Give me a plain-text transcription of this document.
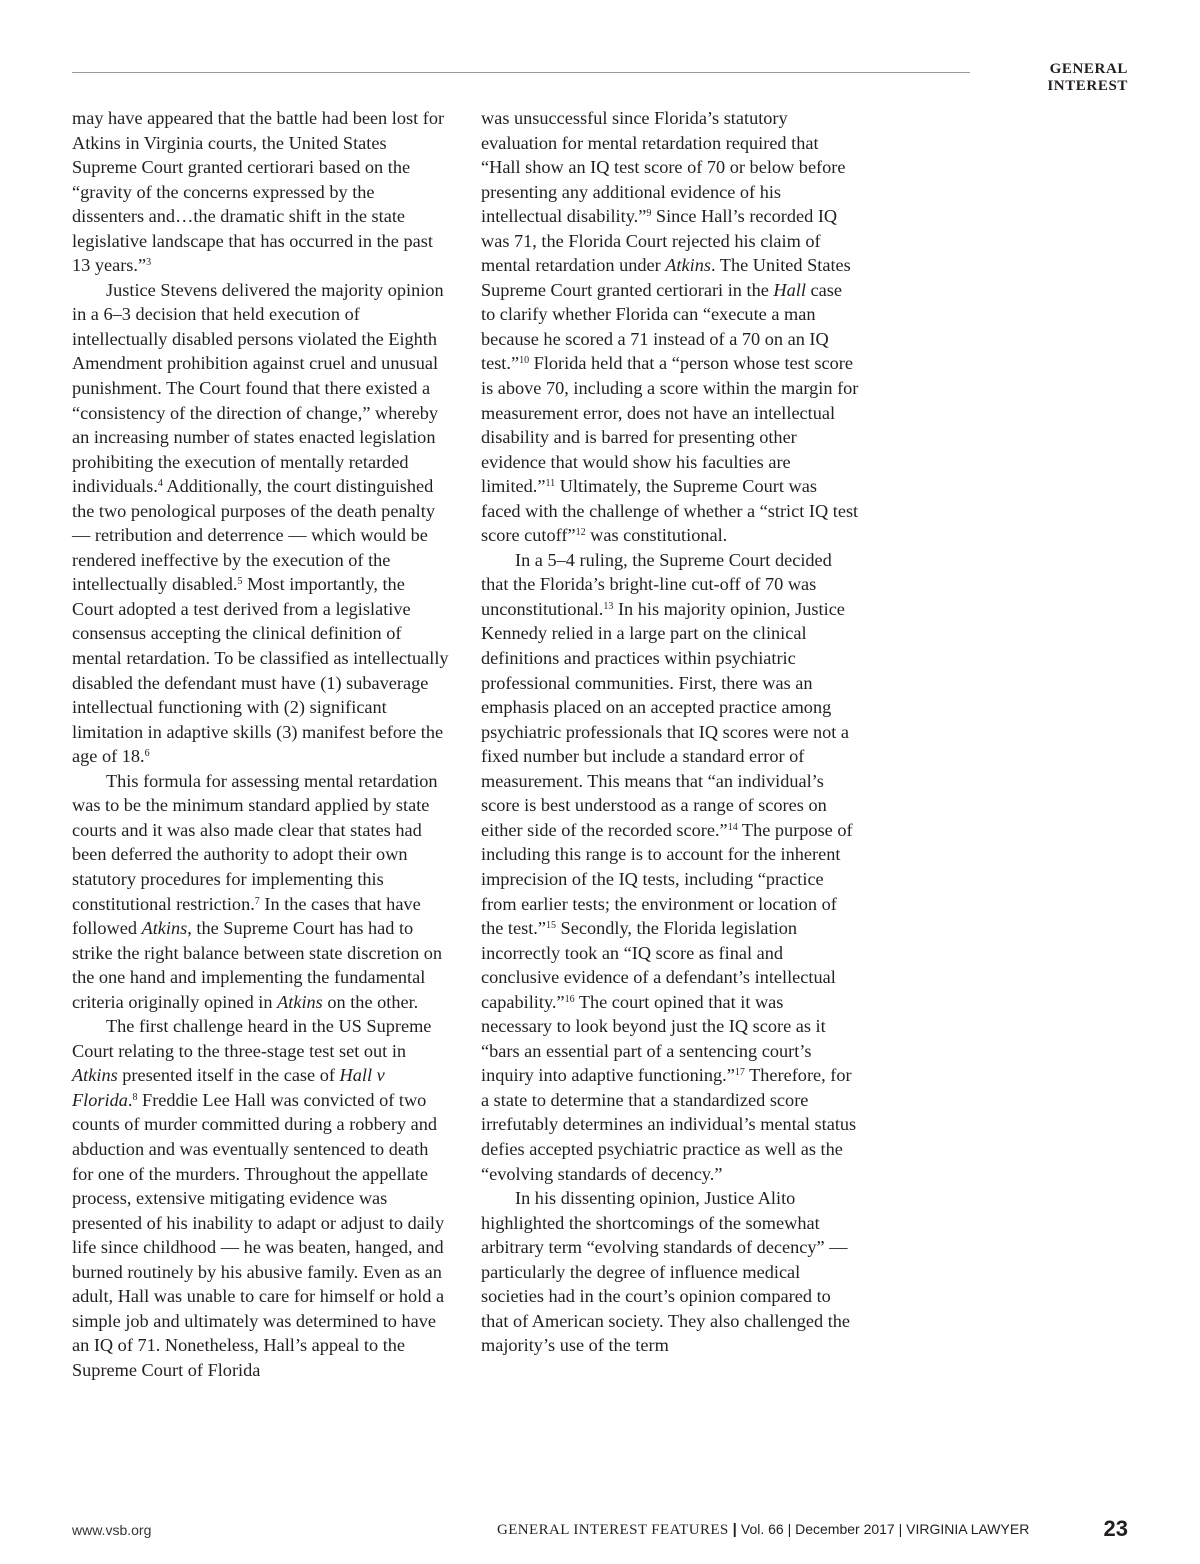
GENERAL INTEREST

may have appeared that the battle had been lost for Atkins in Virginia courts, the United States Supreme Court granted certiorari based on the “gravity of the concerns expressed by the dissenters and…the dramatic shift in the state legislative landscape that has occurred in the past 13 years.”$^3$

Justice Stevens delivered the majority opinion in a 6–3 decision that held execution of intellectually disabled persons violated the Eighth Amendment prohibition against cruel and unusual punishment. The Court found that there existed a “consistency of the direction of change,” whereby an increasing number of states enacted legislation prohibiting the execution of mentally retarded individuals.$^4$ Additionally, the court distinguished the two penological purposes of the death penalty — retribution and deterrence — which would be rendered ineffective by the execution of the intellectually disabled.$^5$ Most importantly, the Court adopted a test derived from a legislative consensus accepting the clinical definition of mental retardation. To be classified as intellectually disabled the defendant must have (1) subaverage intellectual functioning with (2) significant limitation in adaptive skills (3) manifest before the age of 18.$^6$

This formula for assessing mental retardation was to be the minimum standard applied by state courts and it was also made clear that states had been deferred the authority to adopt their own statutory procedures for implementing this constitutional restriction.$^7$ In the cases that have followed Atkins, the Supreme Court has had to strike the right balance between state discretion on the one hand and implementing the fundamental criteria originally opined in Atkins on the other.

The first challenge heard in the US Supreme Court relating to the three-stage test set out in Atkins presented itself in the case of Hall v Florida.$^8$ Freddie Lee Hall was convicted of two counts of murder committed during a robbery and abduction and was eventually sentenced to death for one of the murders. Throughout the appellate process, extensive mitigating evidence was presented of his inability to adapt or adjust to daily life since childhood — he was beaten, hanged, and burned routinely by his abusive family. Even as an adult, Hall was unable to care for himself or hold a simple job and ultimately was determined to have an IQ of 71. Nonetheless, Hall’s appeal to the Supreme Court of Florida

was unsuccessful since Florida’s statutory evaluation for mental retardation required that “Hall show an IQ test score of 70 or below before presenting any additional evidence of his intellectual disability.”$^9$ Since Hall’s recorded IQ was 71, the Florida Court rejected his claim of mental retardation under Atkins. The United States Supreme Court granted certiorari in the Hall case to clarify whether Florida can “execute a man because he scored a 71 instead of a 70 on an IQ test.”$^{10}$ Florida held that a “person whose test score is above 70, including a score within the margin for measurement error, does not have an intellectual disability and is barred for presenting other evidence that would show his faculties are limited.”$^{11}$ Ultimately, the Supreme Court was faced with the challenge of whether a “strict IQ test score cutoff”$^{12}$ was constitutional.

In a 5–4 ruling, the Supreme Court decided that the Florida’s bright-line cut-off of 70 was unconstitutional.$^{13}$ In his majority opinion, Justice Kennedy relied in a large part on the clinical definitions and practices within psychiatric professional communities. First, there was an emphasis placed on an accepted practice among psychiatric professionals that IQ scores were not a fixed number but include a standard error of measurement. This means that “an individual’s score is best understood as a range of scores on either side of the recorded score.”$^{14}$ The purpose of including this range is to account for the inherent imprecision of the IQ tests, including “practice from earlier tests; the environment or location of the test.”$^{15}$ Secondly, the Florida legislation incorrectly took an “IQ score as final and conclusive evidence of a defendant’s intellectual capability.”$^{16}$ The court opined that it was necessary to look beyond just the IQ score as it “bars an essential part of a sentencing court’s inquiry into adaptive functioning.”$^{17}$ Therefore, for a state to determine that a standardized score irrefutably determines an individual’s mental status defies accepted psychiatric practice as well as the “evolving standards of decency.”

In his dissenting opinion, Justice Alito highlighted the shortcomings of the somewhat arbitrary term “evolving standards of decency” — particularly the degree of influence medical societies had in the court’s opinion compared to that of American society. They also challenged the majority’s use of the term

www.vsb.org	GENERAL INTEREST FEATURES | Vol. 66 | December 2017 | VIRGINIA LAWYER	23
